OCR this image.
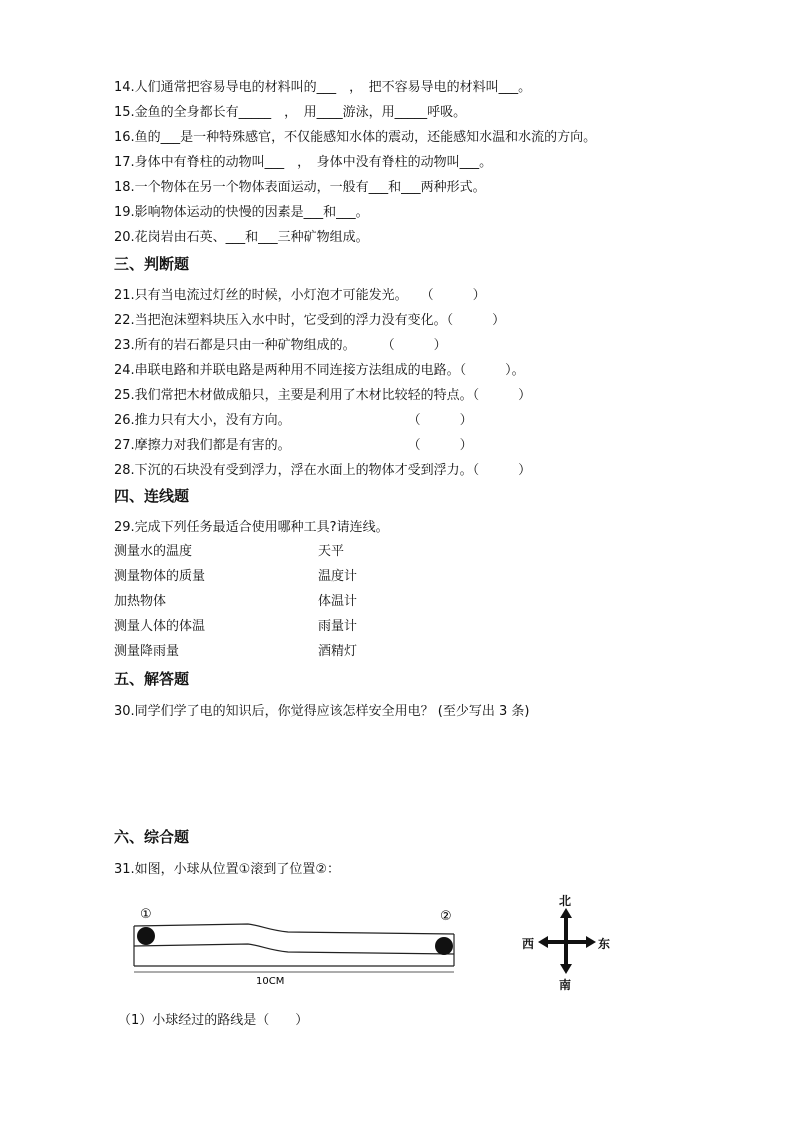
14.人们通常把容易导电的材料叫的___　，　把不容易导电的材料叫___。
15.金鱼的全身都长有_____　，　用____游泳，用_____呼吸。
16.鱼的___是一种特殊感官，不仅能感知水体的震动，还能感知水温和水流的方向。
17.身体中有脊柱的动物叫___　，　身体中没有脊柱的动物叫___。
18.一个物体在另一个物体表面运动，一般有___和___两种形式。
19.影响物体运动的快慢的因素是___和___。
20.花岗岩由石英、___和___三种矿物组成。
三、判断题
21.只有当电流过灯丝的时候，小灯泡才可能发光。　　（　　　）
22.当把泡沫塑料块压入水中时，它受到的浮力没有变化。（　　　）
23.所有的岩石都是只由一种矿物组成的。　　　（　　　）
24.串联电路和并联电路是两种用不同连接方法组成的电路。（　　　）。
25.我们常把木材做成船只，主要是利用了木材比较轻的特点。（　　　）
26.推力只有大小，没有方向。　　　　　　　　　　（　　　）
27.摩擦力对我们都是有害的。　　　　　　　　　　（　　　）
28.下沉的石块没有受到浮力，浮在水面上的物体才受到浮力。（　　　）
四、连线题
29.完成下列任务最适合使用哪种工具?请连线。
测量水的温度
测量物体的质量
加热物体
测量人体的体温
测量降雨量
天平
温度计
体温计
雨量计
酒精灯
五、解答题
30.同学们学了电的知识后，你觉得应该怎样安全用电？ (至少写出 3 条)
六、综合题
31.如图，小球从位置①滚到了位置②：
①	②
10CM
北
南
西	东
（1）小球经过的路线是（　　）
